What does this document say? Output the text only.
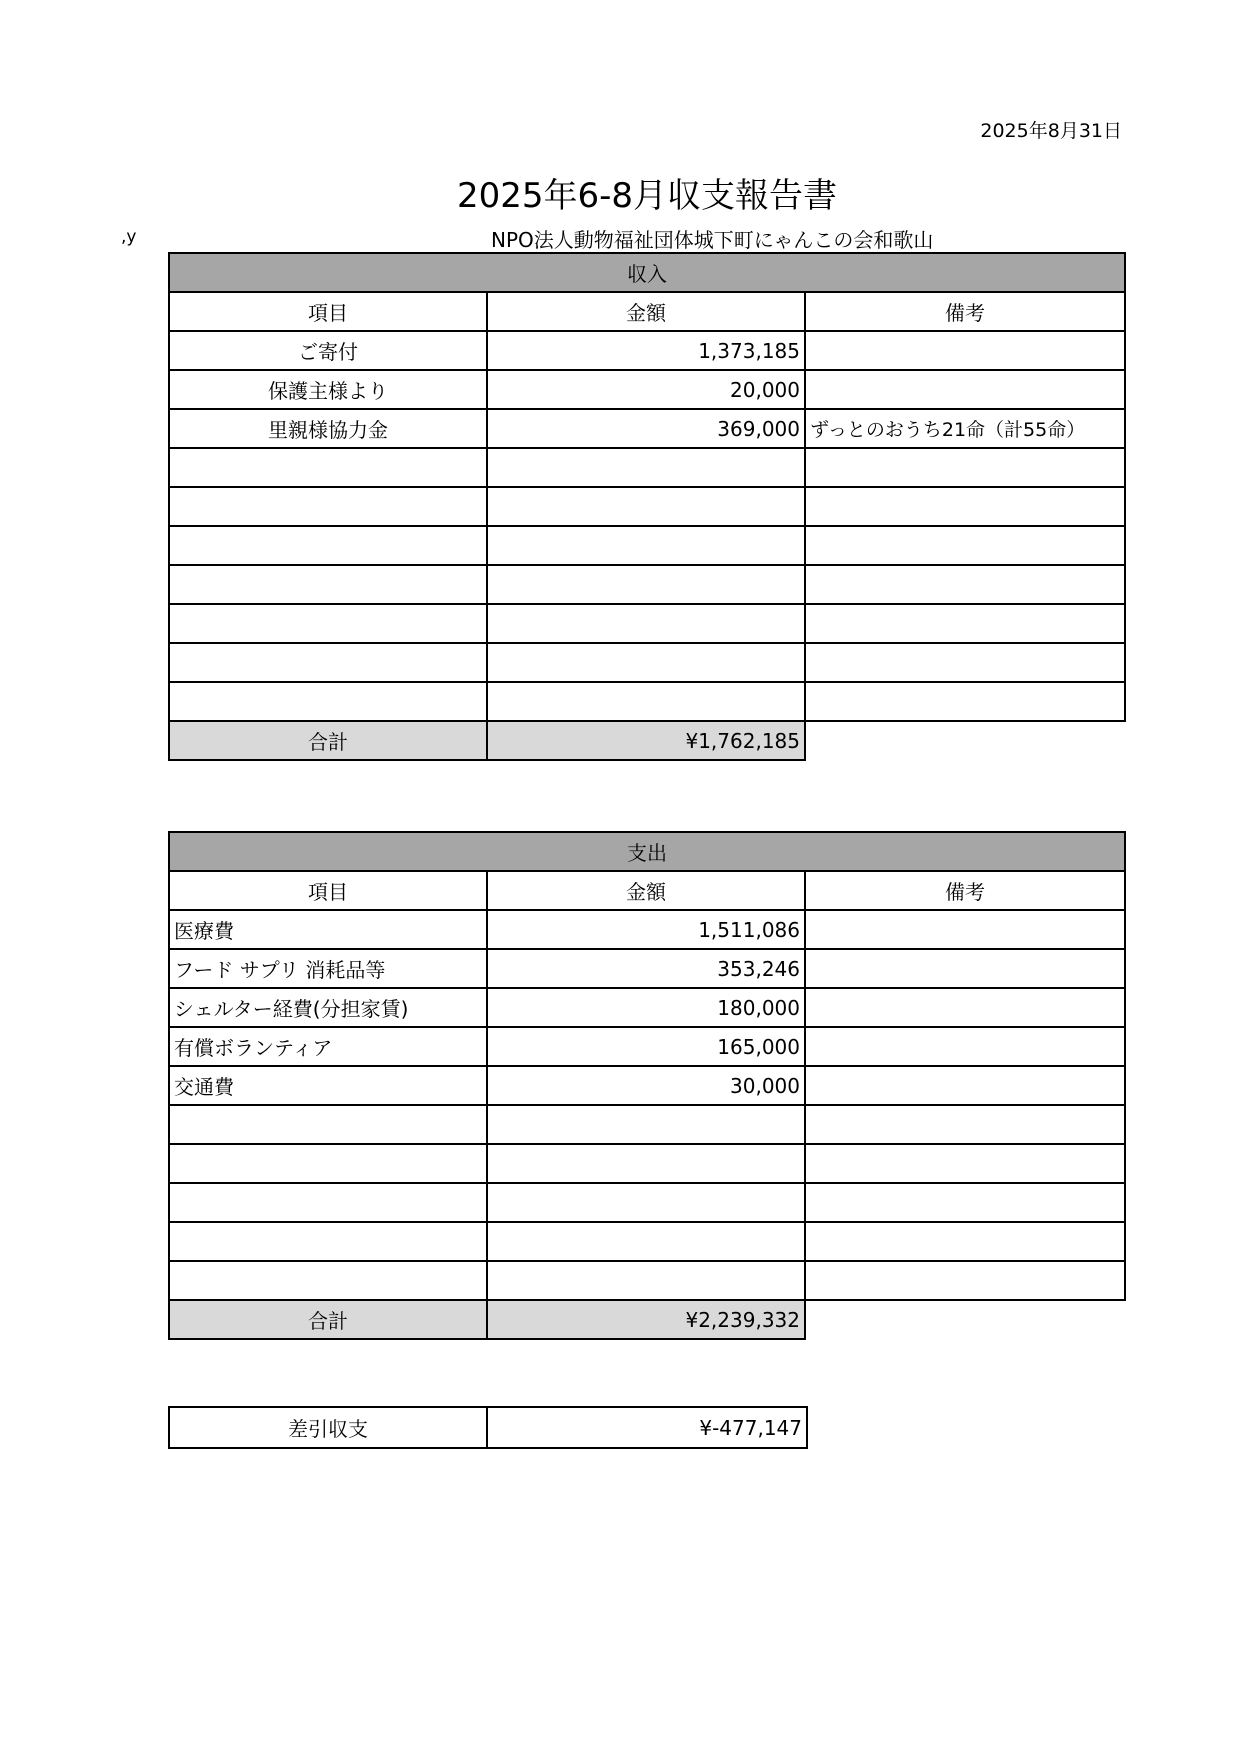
2025年8月31日
2025年6-8月収支報告書
,y	NPO法人動物福祉団体城下町にゃんこの会和歌山
収入		
項目	金額	備考
ご寄付	1,373,185	
保護主様より	20,000	
里親様協力金	369,000	ずっとのおうち21命（計55命）

合計	¥1,762,185	
支出		
項目	金額	備考
医療費	1,511,086	
フード サプリ 消耗品等	353,246	
シェルター経費(分担家賃)	180,000	
有償ボランティア	165,000	
交通費	30,000	

合計	¥2,239,332	
差引収支	¥-477,147
